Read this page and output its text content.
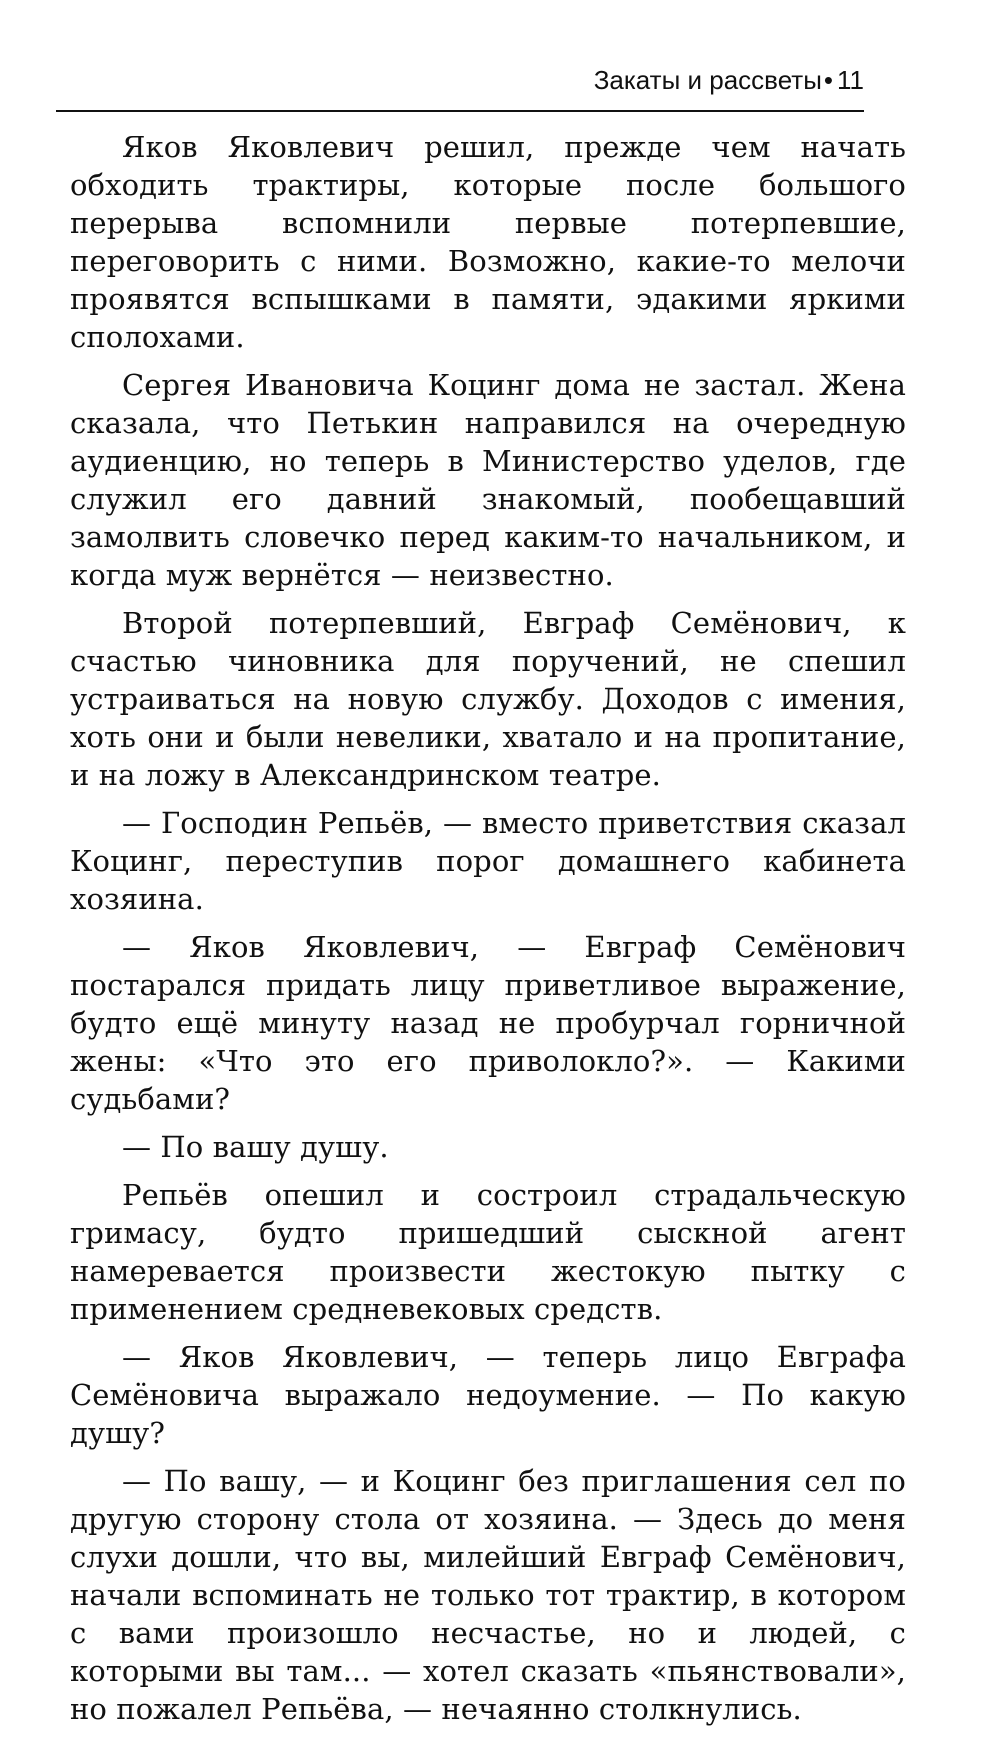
Закаты и рассветы• 11

Яков Яковлевич решил, прежде чем начать обходить трактиры, которые после большого перерыва вспомнили первые потерпевшие, переговорить с ними. Возможно, какие-то мелочи проявятся вспышками в памяти, эдакими яркими сполохами.

Сергея Ивановича Коцинг дома не застал. Жена сказала, что Петькин направился на очередную аудиенцию, но теперь в Министерство уделов, где служил его давний знакомый, пообещавший замолвить словечко перед каким-то начальником, и когда муж вернётся — неизвестно.

Второй потерпевший, Евграф Семёнович, к счастью чиновника для поручений, не спешил устраиваться на новую службу. Доходов с имения, хоть они и были невелики, хватало и на пропитание, и на ложу в Александринском театре.

— Господин Репьёв, — вместо приветствия сказал Коцинг, переступив порог домашнего кабинета хозяина.

— Яков Яковлевич, — Евграф Семёнович постарался придать лицу приветливое выражение, будто ещё минуту назад не пробурчал горничной жены: «Что это его приволокло?». — Какими судьбами?

— По вашу душу.

Репьёв опешил и состроил страдальческую гримасу, будто пришедший сыскной агент намеревается произвести жестокую пытку с применением средневековых средств.

— Яков Яковлевич, — теперь лицо Евграфа Семёновича выражало недоумение. — По какую душу?

— По вашу, — и Коцинг без приглашения сел по другую сторону стола от хозяина. — Здесь до меня слухи дошли, что вы, милейший Евграф Семёнович, начали вспоминать не только тот трактир, в котором с вами произошло несчастье, но и людей, с которыми вы там... — хотел сказать «пьянствовали», но пожалел Репьёва, — нечаянно столкнулись.
